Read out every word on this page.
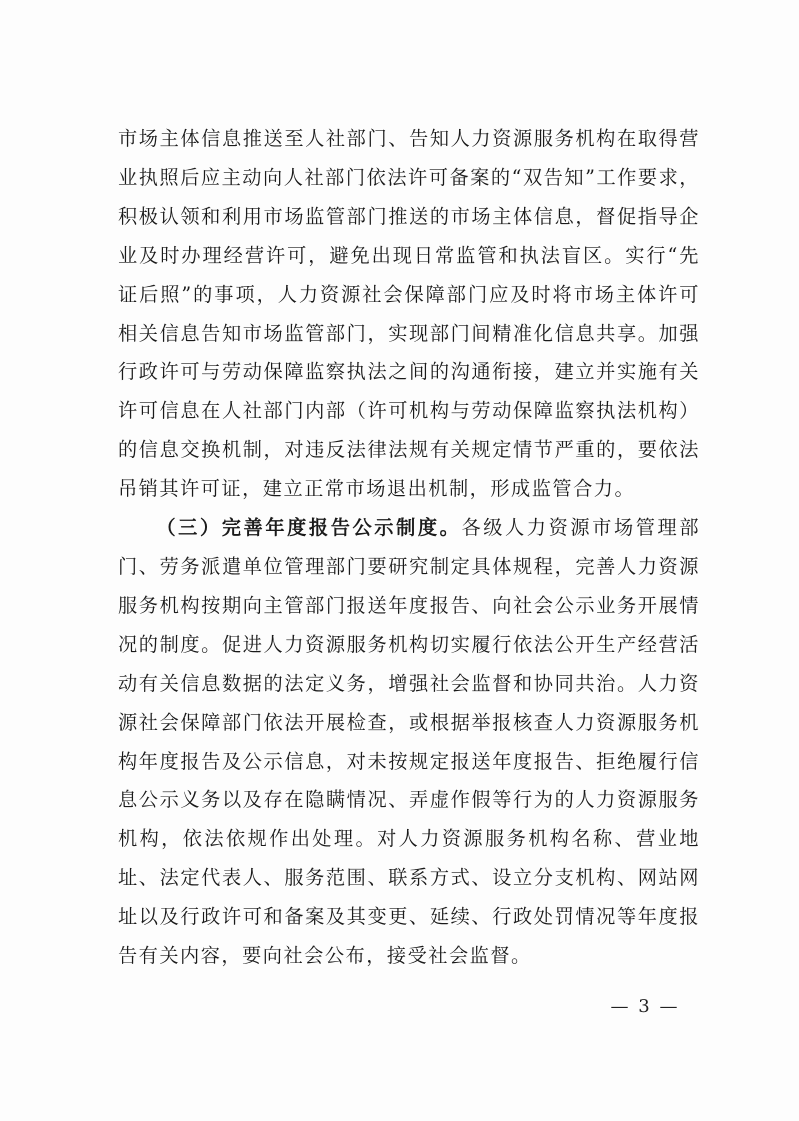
市场主体信息推送至人社部门、告知人力资源服务机构在取得营业执照后应主动向人社部门依法许可备案的“双告知”工作要求，积极认领和利用市场监管部门推送的市场主体信息，督促指导企业及时办理经营许可，避免出现日常监管和执法盲区。实行“先证后照”的事项，人力资源社会保障部门应及时将市场主体许可相关信息告知市场监管部门，实现部门间精准化信息共享。加强行政许可与劳动保障监察执法之间的沟通衔接，建立并实施有关许可信息在人社部门内部（许可机构与劳动保障监察执法机构）的信息交换机制，对违反法律法规有关规定情节严重的，要依法吊销其许可证，建立正常市场退出机制，形成监管合力。

（三）完善年度报告公示制度。各级人力资源市场管理部门、劳务派遣单位管理部门要研究制定具体规程，完善人力资源服务机构按期向主管部门报送年度报告、向社会公示业务开展情况的制度。促进人力资源服务机构切实履行依法公开生产经营活动有关信息数据的法定义务，增强社会监督和协同共治。人力资源社会保障部门依法开展检查，或根据举报核查人力资源服务机构年度报告及公示信息，对未按规定报送年度报告、拒绝履行信息公示义务以及存在隐瞒情况、弄虚作假等行为的人力资源服务机构，依法依规作出处理。对人力资源服务机构名称、营业地址、法定代表人、服务范围、联系方式、设立分支机构、网站网址以及行政许可和备案及其变更、延续、行政处罚情况等年度报告有关内容，要向社会公布，接受社会监督。

— 3 —
